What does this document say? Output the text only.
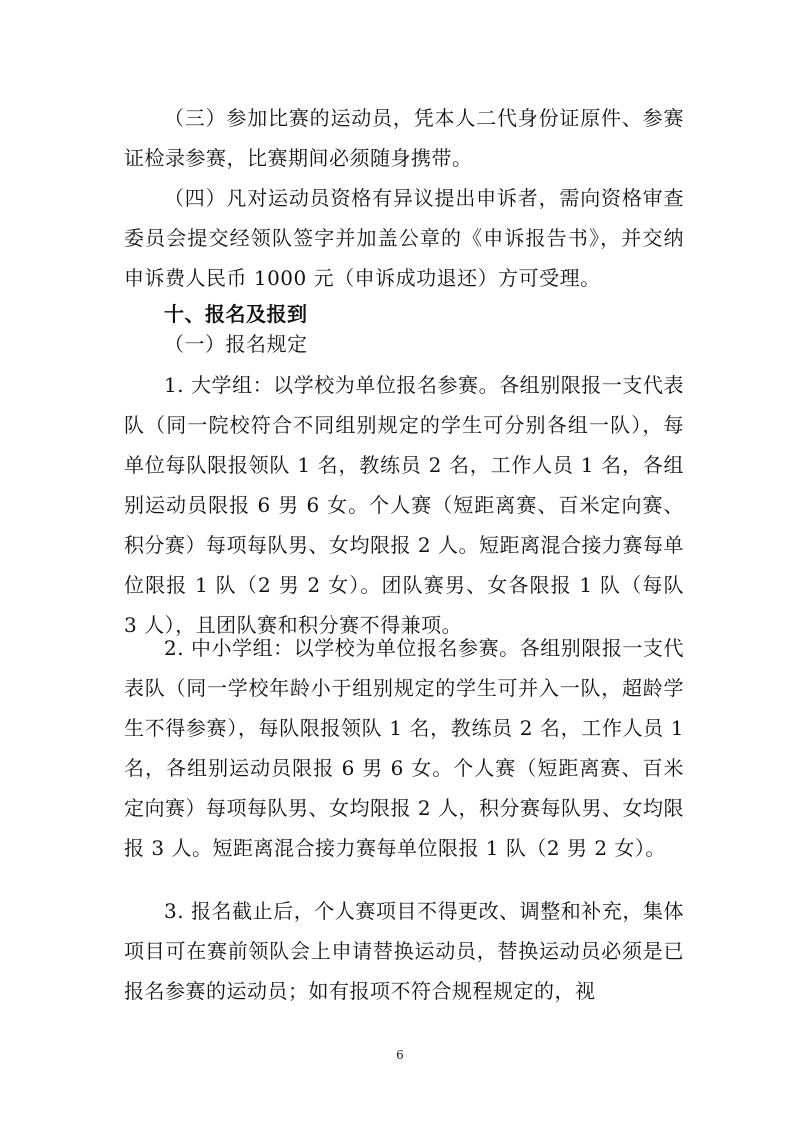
（三）参加比赛的运动员，凭本人二代身份证原件、参赛证检录参赛，比赛期间必须随身携带。

（四）凡对运动员资格有异议提出申诉者，需向资格审查委员会提交经领队签字并加盖公章的《申诉报告书》，并交纳申诉费人民币 1000 元（申诉成功退还）方可受理。

十、报名及报到

（一）报名规定

1. 大学组：以学校为单位报名参赛。各组别限报一支代表队（同一院校符合不同组别规定的学生可分别各组一队），每单位每队限报领队 1 名，教练员 2 名，工作人员 1 名，各组别运动员限报 6 男 6 女。个人赛（短距离赛、百米定向赛、积分赛）每项每队男、女均限报 2 人。短距离混合接力赛每单位限报 1 队（2 男 2 女）。团队赛男、女各限报 1 队（每队 3 人），且团队赛和积分赛不得兼项。

2. 中小学组：以学校为单位报名参赛。各组别限报一支代表队（同一学校年龄小于组别规定的学生可并入一队，超龄学生不得参赛），每队限报领队 1 名，教练员 2 名，工作人员 1 名，各组别运动员限报 6 男 6 女。个人赛（短距离赛、百米定向赛）每项每队男、女均限报 2 人，积分赛每队男、女均限报 3 人。短距离混合接力赛每单位限报 1 队（2 男 2 女）。

3. 报名截止后，个人赛项目不得更改、调整和补充，集体项目可在赛前领队会上申请替换运动员，替换运动员必须是已报名参赛的运动员；如有报项不符合规程规定的，视

6
